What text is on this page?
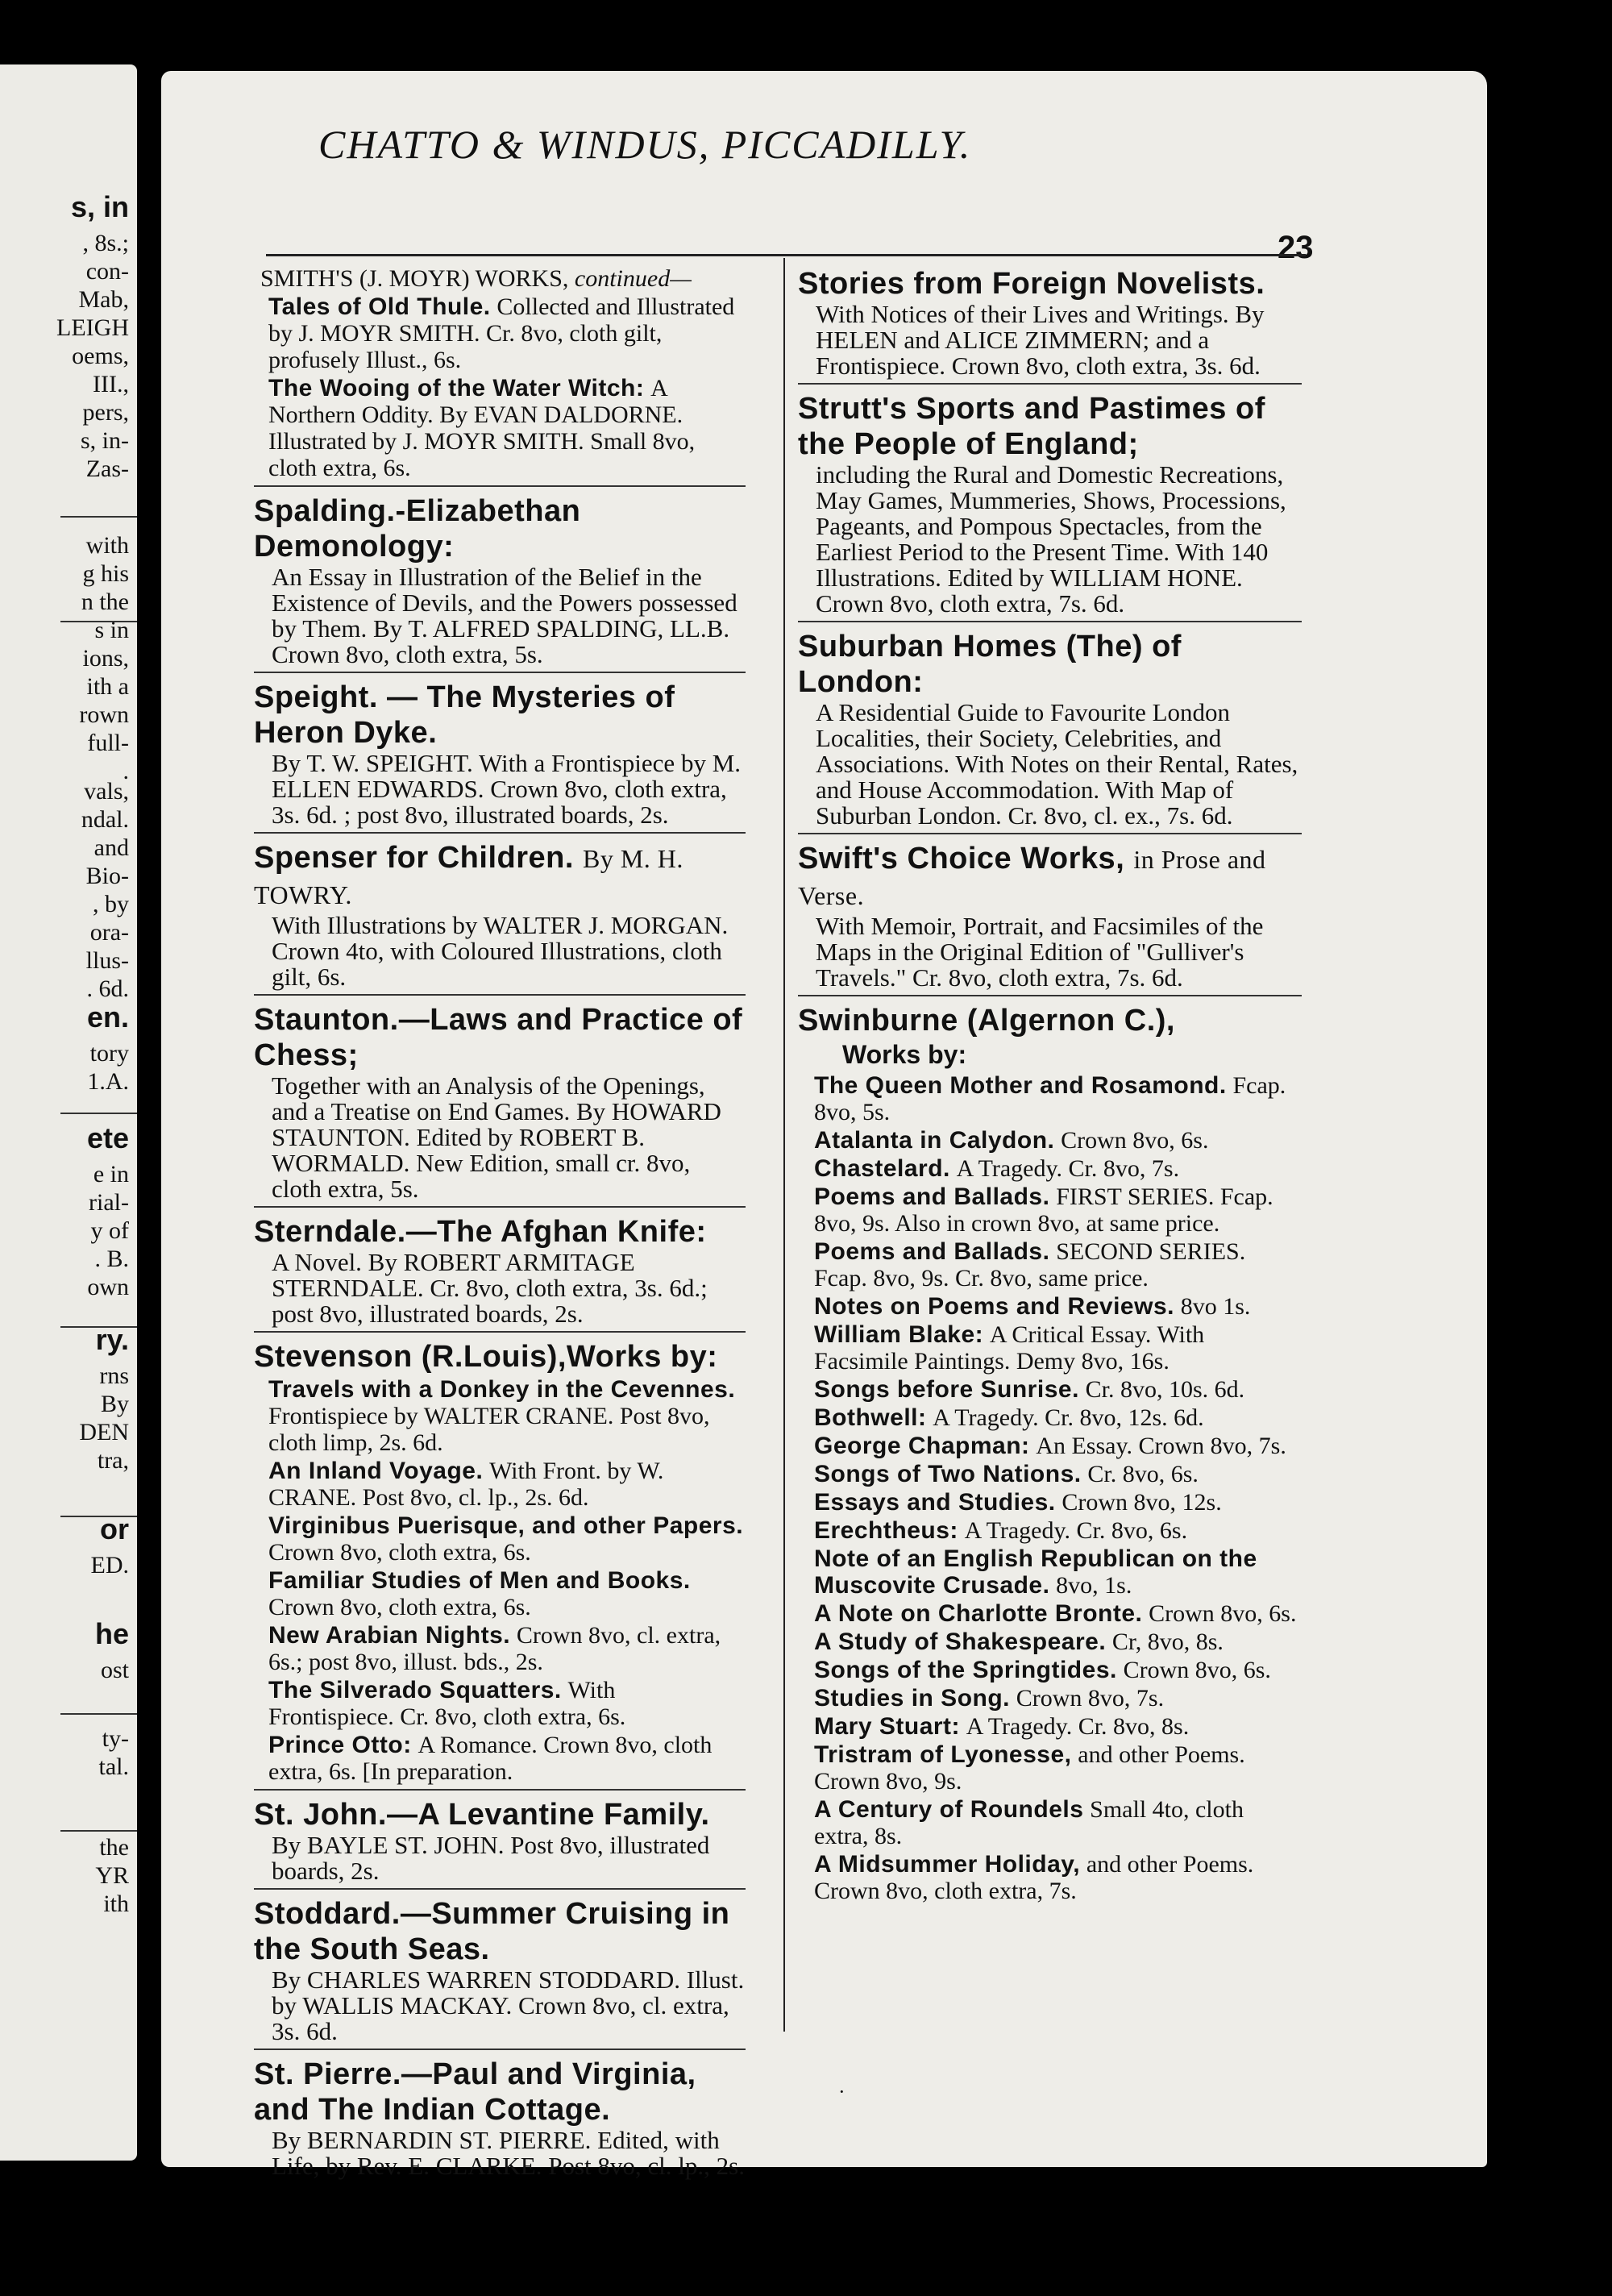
s, in
, 8s.;
con-
Mab,
LEIGH
oems,
III.,
pers,
s, in-
Zas-
with
g his
n the
s in
ions,
ith a
rown
full-
.
vals,
ndal.
and
Bio-
, by
ora-
llus-
. 6d.
en.
tory
1.A.
ete
e in
rial-
y of
. B.
own
ry.
rns
By
DEN
tra,
or
ED.
he
ost
ty-
tal.
the
YR
ith
CHATTO & WINDUS, PICCADILLY.
23
SMITH'S (J. MOYR) WORKS, continued—
Tales of Old Thule. Collected and Illustrated by J. MOYR SMITH. Cr. 8vo, cloth gilt, profusely Illust., 6s.
The Wooing of the Water Witch: A Northern Oddity. By EVAN DALDORNE. Illustrated by J. MOYR SMITH. Small 8vo, cloth extra, 6s.
Spalding.-Elizabethan Demonology:
An Essay in Illustration of the Belief in the Existence of Devils, and the Powers possessed by Them. By T. ALFRED SPALDING, LL.B. Crown 8vo, cloth extra, 5s.
Speight. — The Mysteries of Heron Dyke.
By T. W. SPEIGHT. With a Frontispiece by M. ELLEN EDWARDS. Crown 8vo, cloth extra, 3s. 6d. ; post 8vo, illustrated boards, 2s.
Spenser for Children. By M. H. TOWRY.
With Illustrations by WALTER J. MORGAN. Crown 4to, with Coloured Illustrations, cloth gilt, 6s.
Staunton.—Laws and Practice of Chess;
Together with an Analysis of the Openings, and a Treatise on End Games. By HOWARD STAUNTON. Edited by ROBERT B. WORMALD. New Edition, small cr. 8vo, cloth extra, 5s.
Sterndale.—The Afghan Knife:
A Novel. By ROBERT ARMITAGE STERNDALE. Cr. 8vo, cloth extra, 3s. 6d.; post 8vo, illustrated boards, 2s.
Stevenson (R.Louis),Works by:
Travels with a Donkey in the Cevennes. Frontispiece by WALTER CRANE. Post 8vo, cloth limp, 2s. 6d.
An Inland Voyage. With Front. by W. CRANE. Post 8vo, cl. lp., 2s. 6d.
Virginibus Puerisque, and other Papers. Crown 8vo, cloth extra, 6s.
Familiar Studies of Men and Books. Crown 8vo, cloth extra, 6s.
New Arabian Nights. Crown 8vo, cl. extra, 6s.; post 8vo, illust. bds., 2s.
The Silverado Squatters. With Frontispiece. Cr. 8vo, cloth extra, 6s.
Prince Otto: A Romance. Crown 8vo, cloth extra, 6s. [In preparation.
St. John.—A Levantine Family.
By BAYLE ST. JOHN. Post 8vo, illustrated boards, 2s.
Stoddard.—Summer Cruising in the South Seas.
By CHARLES WARREN STODDARD. Illust. by WALLIS MACKAY. Crown 8vo, cl. extra, 3s. 6d.
St. Pierre.—Paul and Virginia, and The Indian Cottage.
By BERNARDIN ST. PIERRE. Edited, with Life, by Rev. E. CLARKE. Post 8vo, cl. lp., 2s.
Stories from Foreign Novelists.
With Notices of their Lives and Writings. By HELEN and ALICE ZIMMERN; and a Frontispiece. Crown 8vo, cloth extra, 3s. 6d.
Strutt's Sports and Pastimes of the People of England;
including the Rural and Domestic Recreations, May Games, Mummeries, Shows, Processions, Pageants, and Pompous Spectacles, from the Earliest Period to the Present Time. With 140 Illustrations. Edited by WILLIAM HONE. Crown 8vo, cloth extra, 7s. 6d.
Suburban Homes (The) of London:
A Residential Guide to Favourite London Localities, their Society, Celebrities, and Associations. With Notes on their Rental, Rates, and House Accommodation. With Map of Suburban London. Cr. 8vo, cl. ex., 7s. 6d.
Swift's Choice Works, in Prose and Verse.
With Memoir, Portrait, and Facsimiles of the Maps in the Original Edition of "Gulliver's Travels." Cr. 8vo, cloth extra, 7s. 6d.
Swinburne (Algernon C.),
Works by:
The Queen Mother and Rosamond. Fcap. 8vo, 5s.
Atalanta in Calydon. Crown 8vo, 6s.
Chastelard. A Tragedy. Cr. 8vo, 7s.
Poems and Ballads. FIRST SERIES. Fcap. 8vo, 9s. Also in crown 8vo, at same price.
Poems and Ballads. SECOND SERIES. Fcap. 8vo, 9s. Cr. 8vo, same price.
Notes on Poems and Reviews. 8vo 1s.
William Blake: A Critical Essay. With Facsimile Paintings. Demy 8vo, 16s.
Songs before Sunrise. Cr. 8vo, 10s. 6d.
Bothwell: A Tragedy. Cr. 8vo, 12s. 6d.
George Chapman: An Essay. Crown 8vo, 7s.
Songs of Two Nations. Cr. 8vo, 6s.
Essays and Studies. Crown 8vo, 12s.
Erechtheus: A Tragedy. Cr. 8vo, 6s.
Note of an English Republican on the Muscovite Crusade. 8vo, 1s.
A Note on Charlotte Bronte. Crown 8vo, 6s.
A Study of Shakespeare. Cr, 8vo, 8s.
Songs of the Springtides. Crown 8vo, 6s.
Studies in Song. Crown 8vo, 7s.
Mary Stuart: A Tragedy. Cr. 8vo, 8s.
Tristram of Lyonesse, and other Poems. Crown 8vo, 9s.
A Century of Roundels Small 4to, cloth extra, 8s.
A Midsummer Holiday, and other Poems. Crown 8vo, cloth extra, 7s.
·
